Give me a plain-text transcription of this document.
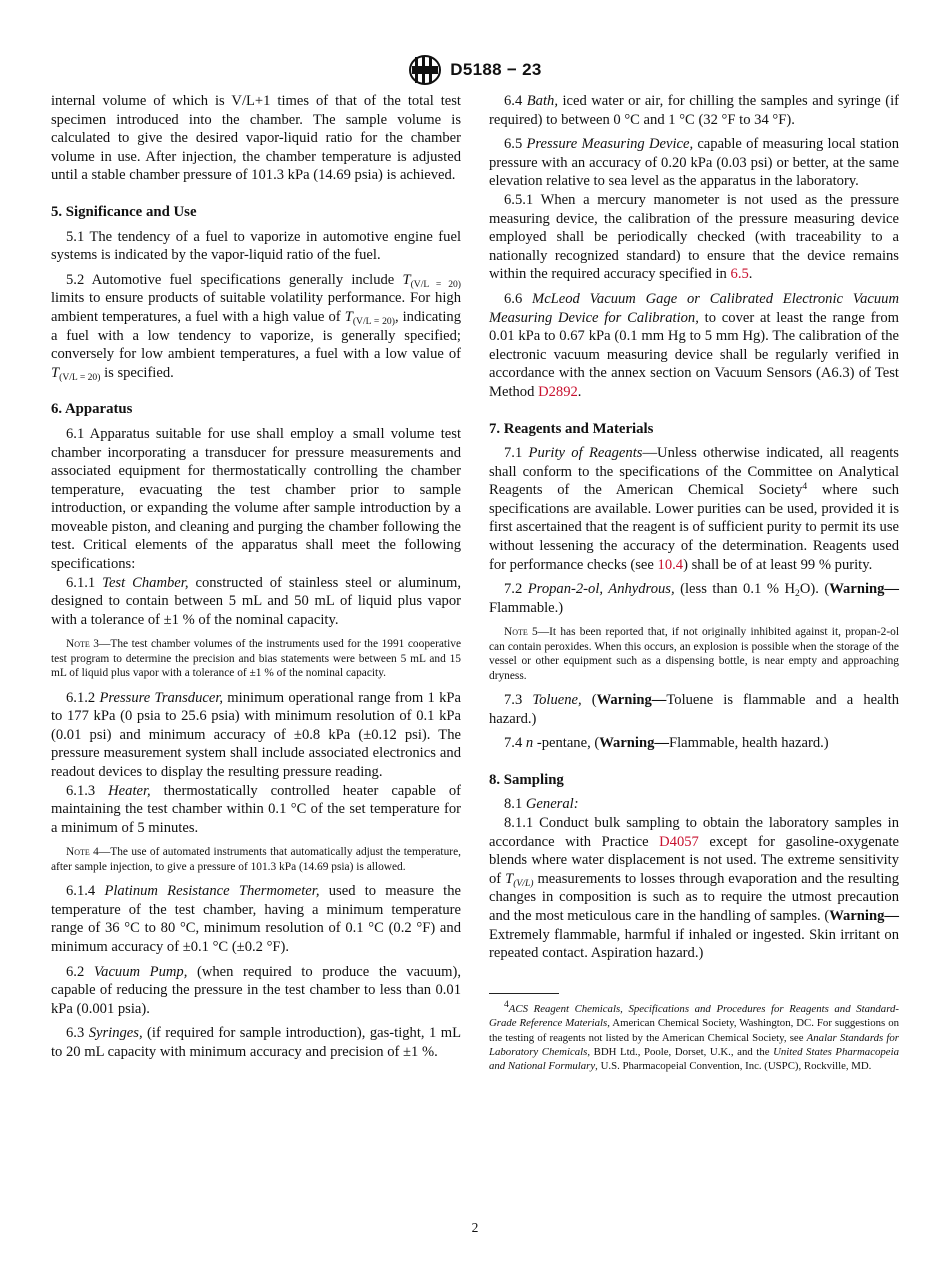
D5188 − 23

internal volume of which is V/L+1 times of that of the total test specimen introduced into the chamber. The sample volume is calculated to give the desired vapor-liquid ratio for the chamber volume in use. After injection, the chamber temperature is adjusted until a stable chamber pressure of 101.3 kPa (14.69 psia) is achieved.

5. Significance and Use

5.1 The tendency of a fuel to vaporize in automotive engine fuel systems is indicated by the vapor-liquid ratio of the fuel.

5.2 Automotive fuel specifications generally include $T_{(V/L = 20)}$ limits to ensure products of suitable volatility performance. For high ambient temperatures, a fuel with a high value of $T_{(V/L = 20)}$, indicating a fuel with a low tendency to vaporize, is generally specified; conversely for low ambient temperatures, a fuel with a low value of $T_{(V/L = 20)}$ is specified.

6. Apparatus

6.1 Apparatus suitable for use shall employ a small volume test chamber incorporating a transducer for pressure measurements and associated equipment for thermostatically controlling the chamber temperature, evacuating the test chamber prior to sample introduction, or expanding the volume after sample introduction by a moveable piston, and cleaning and purging the chamber following the test. Critical elements of the apparatus shall meet the following specifications:

6.1.1 Test Chamber, constructed of stainless steel or aluminum, designed to contain between 5 mL and 50 mL of liquid plus vapor with a tolerance of ±1 % of the nominal capacity.

Note 3—The test chamber volumes of the instruments used for the 1991 cooperative test program to determine the precision and bias statements were between 5 mL and 15 mL of liquid plus vapor with a tolerance of ±1 % of the nominal capacity.

6.1.2 Pressure Transducer, minimum operational range from 1 kPa to 177 kPa (0 psia to 25.6 psia) with minimum resolution of 0.1 kPa (0.01 psi) and minimum accuracy of ±0.8 kPa (±0.12 psi). The pressure measurement system shall include associated electronics and readout devices to display the resulting pressure reading.

6.1.3 Heater, thermostatically controlled heater capable of maintaining the test chamber within 0.1 °C of the set temperature for a minimum of 5 minutes.

Note 4—The use of automated instruments that automatically adjust the temperature, after sample injection, to give a pressure of 101.3 kPa (14.69 psia) is allowed.

6.1.4 Platinum Resistance Thermometer, used to measure the temperature of the test chamber, having a minimum temperature range of 36 °C to 80 °C, minimum resolution of 0.1 °C (0.2 °F) and minimum accuracy of ±0.1 °C (±0.2 °F).

6.2 Vacuum Pump, (when required to produce the vacuum), capable of reducing the pressure in the test chamber to less than 0.01 kPa (0.001 psia).

6.3 Syringes, (if required for sample introduction), gas-tight, 1 mL to 20 mL capacity with minimum accuracy and precision of ±1 %.

6.4 Bath, iced water or air, for chilling the samples and syringe (if required) to between 0 °C and 1 °C (32 °F to 34 °F).

6.5 Pressure Measuring Device, capable of measuring local station pressure with an accuracy of 0.20 kPa (0.03 psi) or better, at the same elevation relative to sea level as the apparatus in the laboratory.

6.5.1 When a mercury manometer is not used as the pressure measuring device, the calibration of the pressure measuring device employed shall be periodically checked (with traceability to a nationally recognized standard) to ensure that the device remains within the required accuracy specified in 6.5.

6.6 McLeod Vacuum Gage or Calibrated Electronic Vacuum Measuring Device for Calibration, to cover at least the range from 0.01 kPa to 0.67 kPa (0.1 mm Hg to 5 mm Hg). The calibration of the electronic vacuum measuring device shall be regularly verified in accordance with the annex section on Vacuum Sensors (A6.3) of Test Method D2892.

7. Reagents and Materials

7.1 Purity of Reagents—Unless otherwise indicated, all reagents shall conform to the specifications of the Committee on Analytical Reagents of the American Chemical Society$^4$ where such specifications are available. Lower purities can be used, provided it is first ascertained that the reagent is of sufficient purity to permit its use without lessening the accuracy of the determination. Reagents used for performance checks (see 10.4) shall be of at least 99 % purity.

7.2 Propan-2-ol, Anhydrous, (less than 0.1 % $H_2O$). (Warning—Flammable.)

Note 5—It has been reported that, if not originally inhibited against it, propan-2-ol can contain peroxides. When this occurs, an explosion is possible when the storage of the vessel or other equipment such as a dispensing bottle, is near empty and approaching dryness.

7.3 Toluene, (Warning—Toluene is flammable and a health hazard.)

7.4 n -pentane, (Warning—Flammable, health hazard.)

8. Sampling

8.1 General:

8.1.1 Conduct bulk sampling to obtain the laboratory samples in accordance with Practice D4057 except for gasoline-oxygenate blends where water displacement is not used. The extreme sensitivity of $T_{(V/L)}$ measurements to losses through evaporation and the resulting changes in composition is such as to require the utmost precaution and the most meticulous care in the handling of samples. (Warning—Extremely flammable, harmful if inhaled or ingested. Skin irritant on repeated contact. Aspiration hazard.)

$^4$ACS Reagent Chemicals, Specifications and Procedures for Reagents and Standard-Grade Reference Materials, American Chemical Society, Washington, DC. For suggestions on the testing of reagents not listed by the American Chemical Society, see Analar Standards for Laboratory Chemicals, BDH Ltd., Poole, Dorset, U.K., and the United States Pharmacopeia and National Formulary, U.S. Pharmacopeial Convention, Inc. (USPC), Rockville, MD.

2
